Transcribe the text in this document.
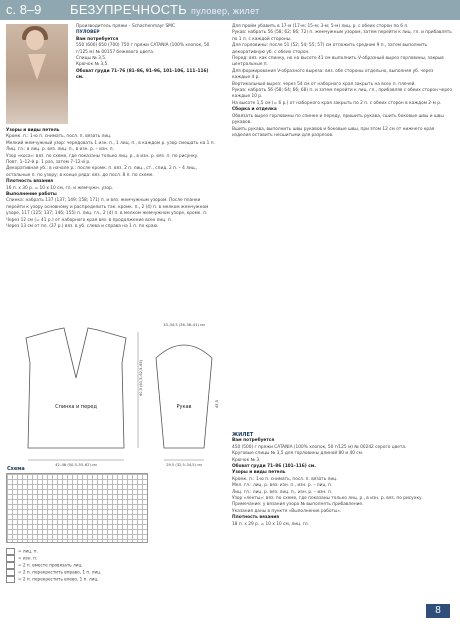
с. 8–9 БЕЗУПРЕЧНОСТЬ пуловер, жилет

Производитель пряжи – Schachenmayr SMC

ПУЛОВЕР

Вам потребуется

550 (600) 650 (700) 750 г пряжи CATANIA (100% хлопок, 50 г/125 м) № 00157 бежевого цвета.

Спицы № 3,5.

Крючок № 3,5.

Обхват груди 71–76 (81–86, 91–96, 101–106, 111–116) см.

Узоры и виды петель

Кромк. п.: 1-ю п. снимать, посл. п. вязать лиц.

Мелкий жемчужный узор: чередовать 1 изн. п., 1 лиц. п., в каждом р. узор смещать на 1 п.

Лиц. гл.: в лиц. р. вяз. лиц. п., в изн. р. – изн. п.

Узор «коса»: вяз. по схеме, где показаны только лиц. р., в изн. р. вяз. п. по рисунку.

Повт. 1–12-й р. 1 раз, затем 7–12-й р.

Декоративная уб.: в начале р.: после кромк. п. вяз. 2 п. лиц., ст., спид. 2 п. – 4 лиц., остальные п. по узору; в конце ряда: вяз. до посл. 8 п. по схеме.

Плотность вязания

16 п. х 30 р. = 10 х 10 см, гл. и жемчужн. узор.

Выполнение работы

Спинка: набрать 137 (137; 149; 158; 171) п. и вяз. жемчужным узором. После планки перейти к узору основному и распределить так: кромк. п., 2 (4) п. в мелком жемчужном узоре, 117 (125; 137; 146; 155) п. лиц. гл., 2 (4) п. в мелком жемчужном узоре, кромк. п.

Через 12 см (= 41 р.) от наборного края вяз. в продолжение всех лиц. п.

Через 13 см от пл. (37 р.) вяз. в уб. слева и справа на 1 п. по краю.

Для пройм убавить в 17-м (17-м; 15-м; 3-м; 5-м) лиц. р. с обеих сторон по 6 п.

Рукав: набрать 56 (58; 62; 66; 72) п. жемчужным узором, затем перейти к лиц. гл. и прибавлять по 1 п. с каждой стороны.

Для горловины: после 51 (52; 54; 55; 57) см отложить средние 9 п., затем выполнить декоративную уб. с обеих сторон.

Перед: вяз. как спинку, но на высоте 41 см выполнить V-образный вырез горловины, закрыв центральные п.

Для формирования V-образного выреза: вяз. обе стороны отдельно, выполняя уб. через каждые 4 р.

Вертикальный вырез: через 54 см от наборного края закрыть на всех п. плечей.

Рукав: набрать 56 (58; 64; 66; 68) п. и затем перейти к лиц. гл., прибавляя с обеих сторон через каждые 10 р.

На высоте 1,5 см (= 6 р.) от наборного края закрыть по 2 п. с обеих сторон в каждом 2-м р.

Сборка и отделка

Обвязать вырез горловины по спинке и переду, пришить рукава, сшить боковые швы и швы рукавов.

Вшить рукава, выполнить швы рукавов и боковые швы, при этом 12 см от нижнего края изделия оставить несшитыми для разрезов.

ЖИЛЕТ

Вам потребуется

450 (500) г пряжи CATANIA (100% хлопок, 50 г/125 м) № 00242 серого цвета.

Круговые спицы № 3,5 для горловины длиной 80 и 40 см.

Крючок № 3.

Обхват груди 71–86 (101–116) см.

Узоры и виды петель

Кромк. п.: 1-ю п. снимать, посл. п. вязать лиц.

Мел. гл.: лиц. р. вяз. изн. п., изн. р. – лиц. п.

Лиц. гл.: лиц. р. вяз. лиц. п., изн. р. – изн. п.

Узор «ленты»: вяз. по схеме, где показаны только лиц. р., в изн. р. вяз. по рисунку.

Примечание: у вязания узора № выполнять прибавление.

Указания даны в пункте «Выполнение работы».

Плотность вязания

18 п. х 29 р. = 10 х 10 см, лиц. гл.

Спинка и перед	Рукав
42–46 (50,5–55–62) см	29,5 (32,5–34,5) см
33–34,5 (36–38–41) см
60,5 (61,5–62,5–65)
45,5
Схема
= лиц. п.
= изн. п.
= 2 п. вместе провязать лиц.
= 2 п. перекрестить вправо, 1 п. лиц.
= 2 п. перекрестить влево, 1 п. лиц.
8
